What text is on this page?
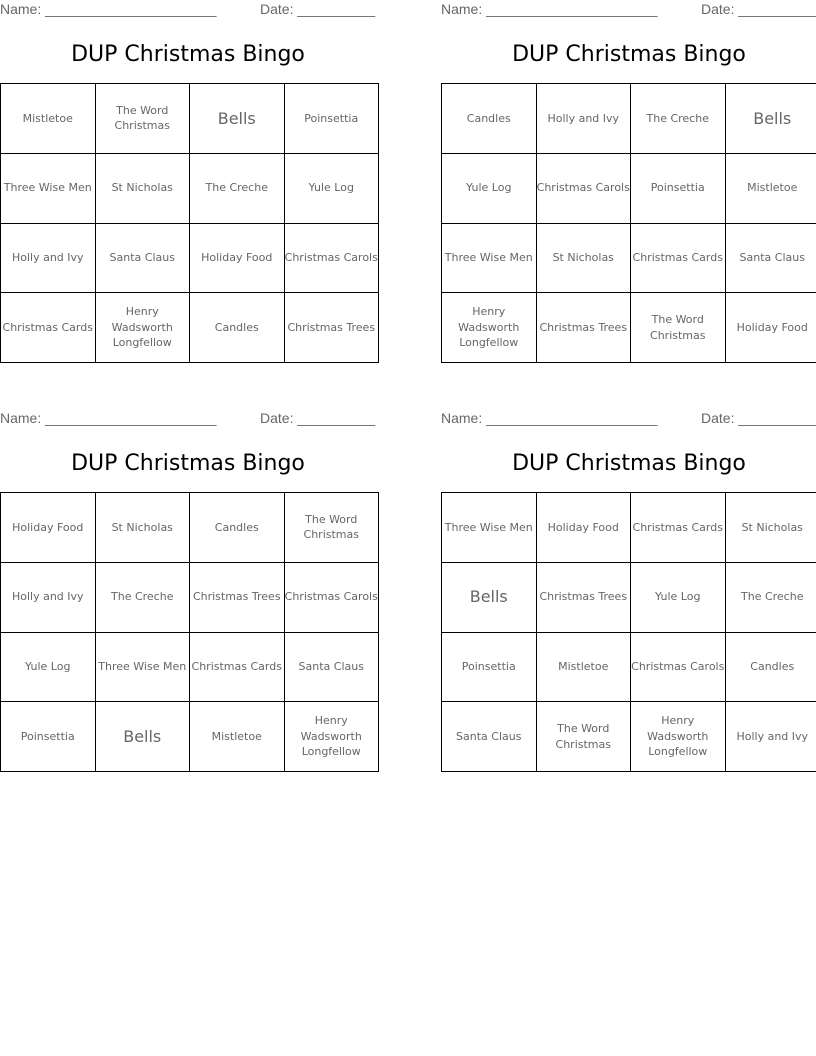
Name: ______________________	Date: __________
DUP Christmas Bingo
Mistletoe	The Word Christmas	Bells	Poinsettia
Three Wise Men	St Nicholas	The Creche	Yule Log
Holly and Ivy	Santa Claus	Holiday Food	Christmas Carols
Christmas Cards	Henry Wadsworth Longfellow	Candles	Christmas Trees
Name: ______________________	Date: __________
DUP Christmas Bingo
Candles	Holly and Ivy	The Creche	Bells
Yule Log	Christmas Carols	Poinsettia	Mistletoe
Three Wise Men	St Nicholas	Christmas Cards	Santa Claus
Henry Wadsworth Longfellow	Christmas Trees	The Word Christmas	Holiday Food
Name: ______________________	Date: __________
DUP Christmas Bingo
Holiday Food	St Nicholas	Candles	The Word Christmas
Holly and Ivy	The Creche	Christmas Trees	Christmas Carols
Yule Log	Three Wise Men	Christmas Cards	Santa Claus
Poinsettia	Bells	Mistletoe	Henry Wadsworth Longfellow
Name: ______________________	Date: __________
DUP Christmas Bingo
Three Wise Men	Holiday Food	Christmas Cards	St Nicholas
Bells	Christmas Trees	Yule Log	The Creche
Poinsettia	Mistletoe	Christmas Carols	Candles
Santa Claus	The Word Christmas	Henry Wadsworth Longfellow	Holly and Ivy
